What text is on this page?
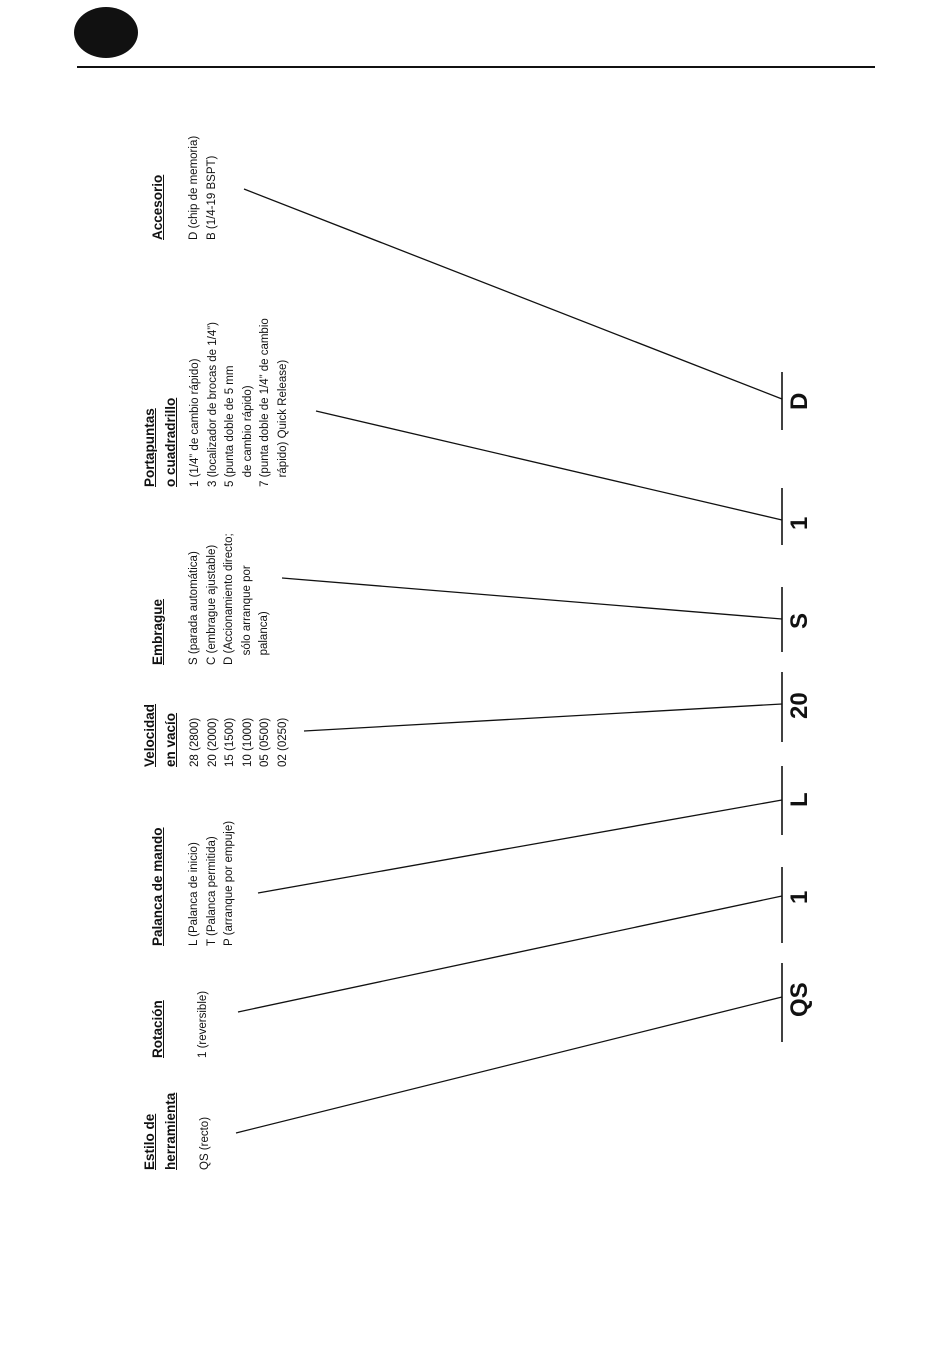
Estilo de herramienta QS (recto)
Rotación	1 (reversible)
Palanca de mando L (Palanca de inicio) T (Palanca permitida) P (arranque por empuje)
Velocidad en vacío 28 (2800) 20 (2000) 15 (1500) 10 (1000) 05 (0500) 02 (0250)
Embrague S (parada automática) C (embrague ajustable) D (Accionamiento directo; sólo arranque por palanca)
Portapuntas o cuadradrillo 1 (1/4” de cambio rápido) 3 (localizador de brocas de 1/4”) 5 (punta doble de 5 mm de cambio rápido) 7 (punta doble de 1/4” de cambio rápido) Quick Release)
Accesorio D (chip de memoria) B (1/4-19 BSPT)
QS
1
L
20
S
1
D
